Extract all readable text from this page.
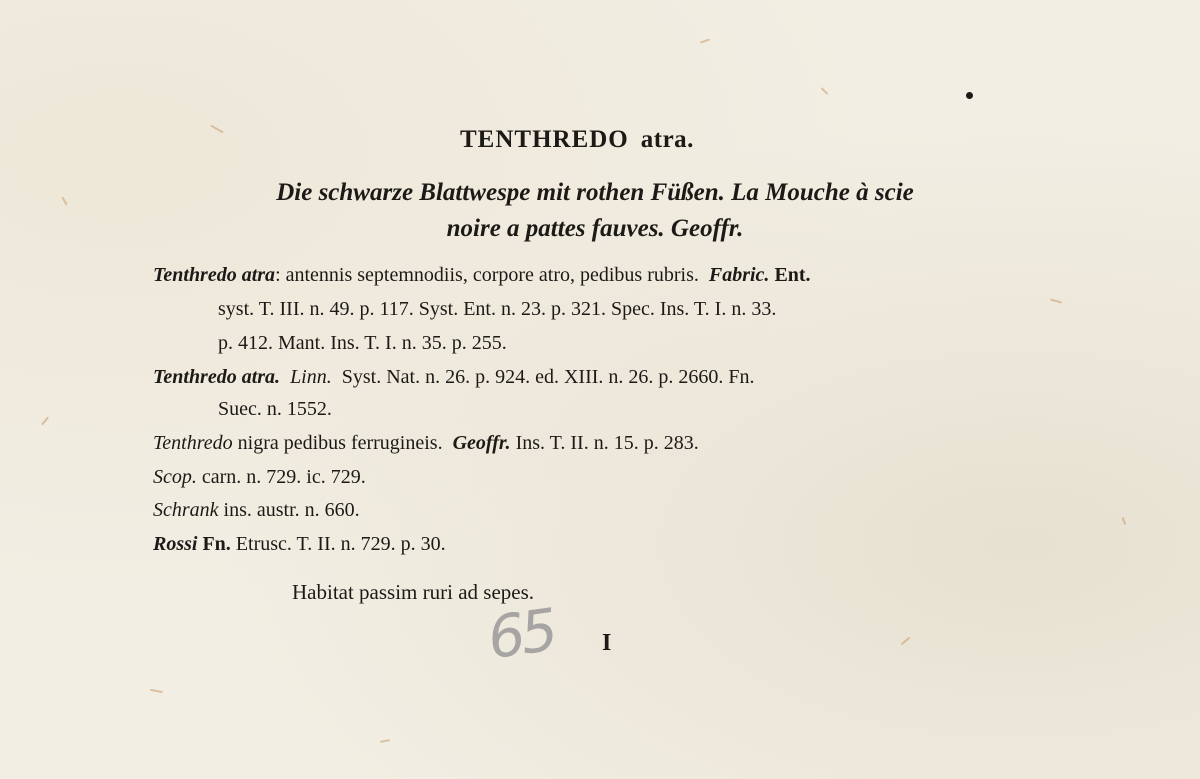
TENTHREDO atra.
Die schwarze Blattwespe mit rothen Füßen. La Mouche à scie
noire a pattes fauves. Geoffr.
Tenthredo atra: antennis septemnodiis, corpore atro, pedibus rubris. Fabric. Ent.
syst. T. III. n. 49. p. 117. Syst. Ent. n. 23. p. 321. Spec. Ins. T. I. n. 33.
p. 412. Mant. Ins. T. I. n. 35. p. 255.
Tenthredo atra. Linn. Syst. Nat. n. 26. p. 924. ed. XIII. n. 26. p. 2660. Fn.
Suec. n. 1552.
Tenthredo nigra pedibus ferrugineis. Geoffr. Ins. T. II. n. 15. p. 283.
Scop. carn. n. 729. ic. 729.
Schrank ins. austr. n. 660.
Rossi Fn. Etrusc. T. II. n. 729. p. 30.
Habitat passim ruri ad sepes.
65 I
